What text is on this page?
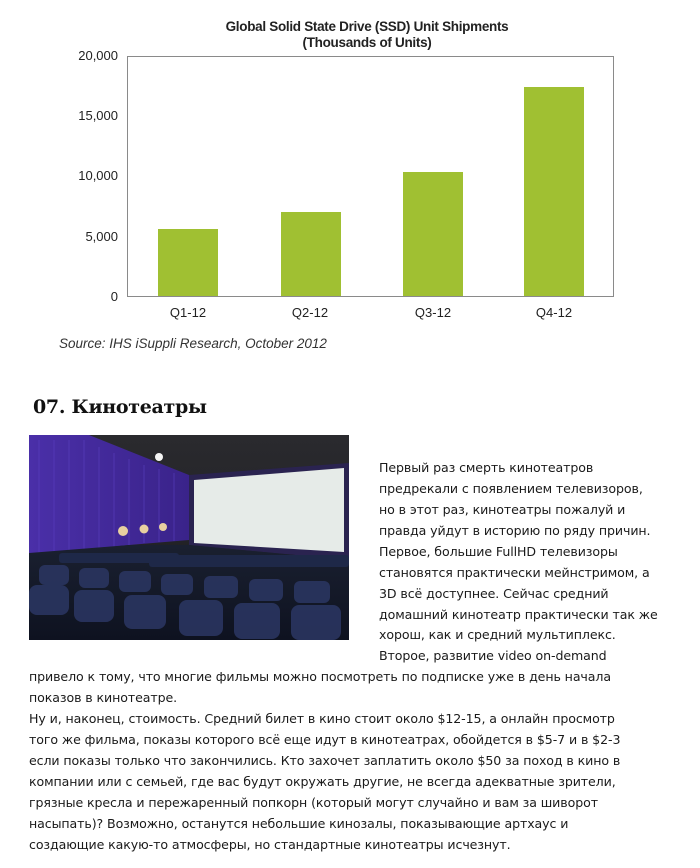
Global Solid State Drive (SSD) Unit Shipments
(Thousands of Units)
20,000
15,000
10,000
5,000
0
Q1-12	Q2-12	Q3-12	Q4-12
Source: IHS iSuppli Research, October 2012
07. Кинотеатры
Первый раз смерть кинотеатров
предрекали с появлением телевизоров,
но в этот раз, кинотеатры пожалуй и
правда уйдут в историю по ряду причин.
Первое, большие FullHD телевизоры
становятся практически мейнстримом, а
3D всё доступнее. Сейчас средний
домашний кинотеатр практически так же
хорош, как и средний мультиплекс.
Второе, развитие video on-demand
привело к тому, что многие фильмы можно посмотреть по подписке уже в день начала
показов в кинотеатре.
Ну и, наконец, стоимость. Средний билет в кино стоит около $12-15, а онлайн просмотр
того же фильма, показы которого всё еще идут в кинотеатрах, обойдется в $5-7 и в $2-3
если показы только что закончились. Кто захочет заплатить около $50 за поход в кино в
компании или с семьей, где вас будут окружать другие, не всегда адекватные зрители,
грязные кресла и пережаренный попкорн (который могут случайно и вам за шиворот
насыпать)? Возможно, останутся небольшие кинозалы, показывающие артхаус и
создающие какую-то атмосферы, но стандартные кинотеатры исчезнут.
